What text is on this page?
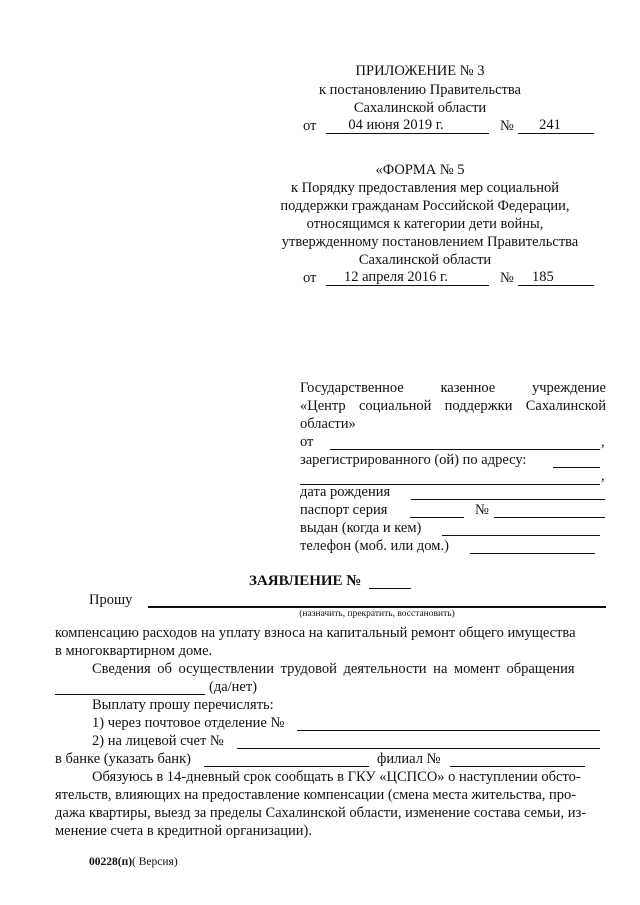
ПРИЛОЖЕНИЕ № 3
к постановлению Правительства
Сахалинской области
от	04 июня 2019 г.	№	241
«ФОРМА № 5
к Порядку предоставления мер социальной
поддержки гражданам Российской Федерации,
относящимся к категории дети войны,
утвержденному постановлением Правительства
Сахалинской области
от	12 апреля 2016 г.	№ 185
Государственное	казенное	учреждение
«Центр социальной поддержки Сахалинской
области»
от	,
зарегистрированного (ой) по адресу:
,
дата рождения
паспорт серия	№
выдан (когда и кем)
телефон (моб. или дом.)
ЗАЯВЛЕНИЕ №
Прошу
(назначить, прекратить, восстановить)
компенсацию расходов на уплату взноса на капитальный ремонт общего имущества
в многоквартирном доме.
Сведения об осуществлении трудовой деятельности на момент обращения
(да/нет)
Выплату прошу перечислять:
1) через почтовое отделение №
2) на лицевой счет №
в банке (указать банк)	филиал №
Обязуюсь в 14-дневный срок сообщать в ГКУ «ЦСПСО» о наступлении обсто-
ятельств, влияющих на предоставление компенсации (смена места жительства, про-
дажа квартиры, выезд за пределы Сахалинской области, изменение состава семьи, из-
менение счета в кредитной организации).
00228(п)( Версия)
